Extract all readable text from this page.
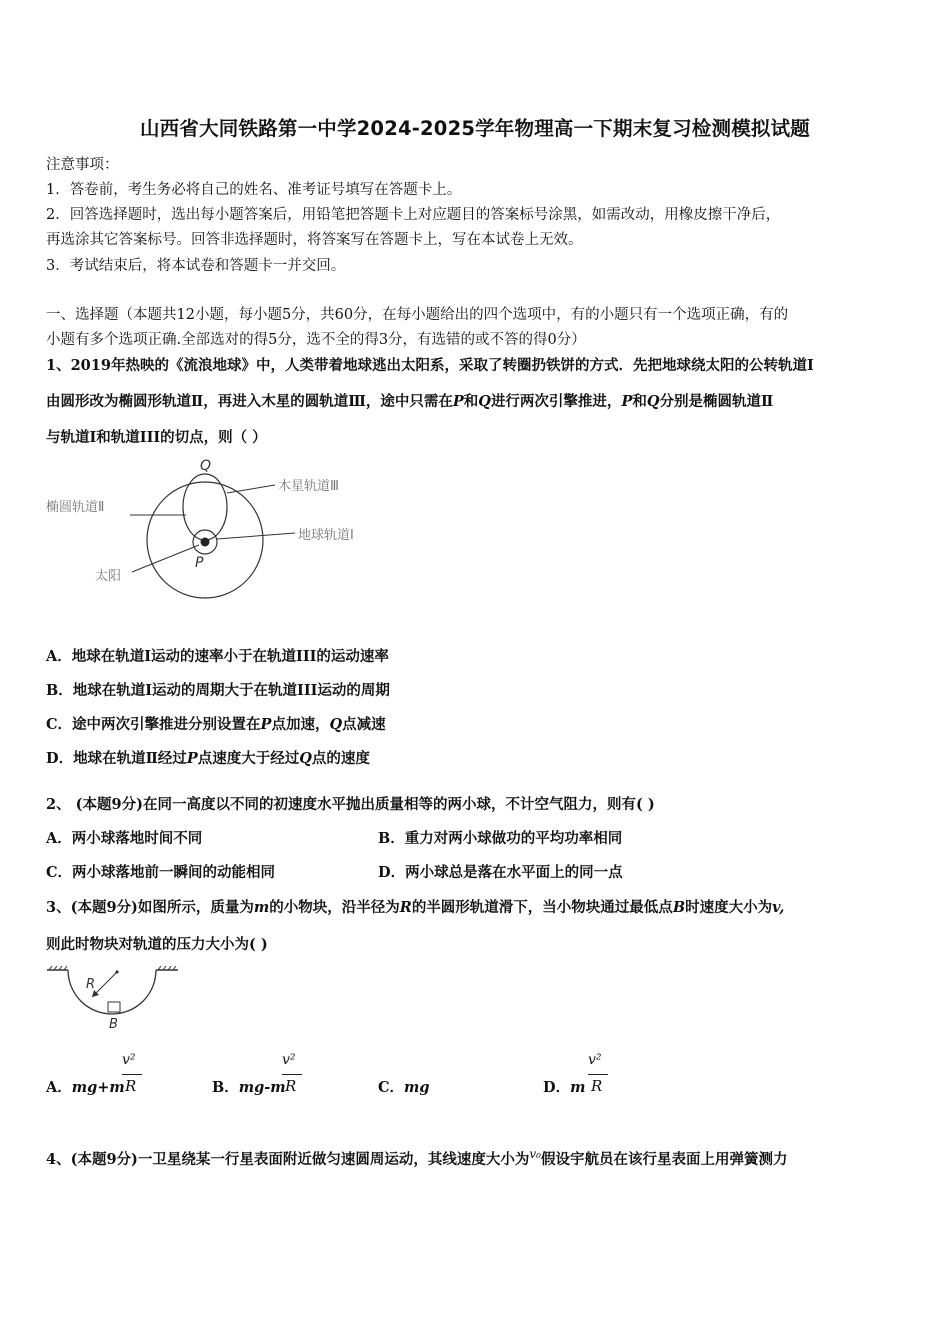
山西省大同铁路第一中学2024-2025学年物理高一下期末复习检测模拟试题
注意事项：
1．答卷前，考生务必将自己的姓名、准考证号填写在答题卡上。
2．回答选择题时，选出每小题答案后，用铅笔把答题卡上对应题目的答案标号涂黑，如需改动，用橡皮擦干净后，
再选涂其它答案标号。回答非选择题时，将答案写在答题卡上，写在本试卷上无效。
3．考试结束后，将本试卷和答题卡一并交回。
一、选择题（本题共12小题，每小题5分，共60分，在每小题给出的四个选项中，有的小题只有一个选项正确，有的
小题有多个选项正确.全部选对的得5分，选不全的得3分，有选错的或不答的得0分）
1、2019年热映的《流浪地球》中，人类带着地球逃出太阳系，采取了转圈扔铁饼的方式．先把地球绕太阳的公转轨道I
由圆形改为椭圆形轨道Ⅱ，再进入木星的圆轨道Ⅲ，途中只需在P和Q进行两次引擎推进，P和Q分别是椭圆轨道Ⅱ
与轨道I和轨道III的切点，则（ ）
Q
P
椭圆轨道Ⅱ
木星轨道Ⅲ
地球轨道Ⅰ
太阳
A．地球在轨道I运动的速率小于在轨道III的运动速率
B．地球在轨道I运动的周期大于在轨道III运动的周期
C．途中两次引擎推进分别设置在P点加速，Q点减速
D．地球在轨道Ⅱ经过P点速度大于经过Q点的速度
2、 (本题9分)在同一高度以不同的初速度水平抛出质量相等的两小球，不计空气阻力，则有( )
A．两小球落地时间不同	B．重力对两小球做功的平均功率相同
C．两小球落地前一瞬间的动能相同	D．两小球总是落在水平面上的同一点
3、(本题9分)如图所示，质量为m的小物块，沿半径为R的半圆形轨道滑下，当小物块通过最低点B时速度大小为v,
则此时物块对轨道的压力大小为( )
R
B
A．mg+m
v²
R	B．mg-m
v²
R	C．mg	D．m
v²
R
4、(本题9分)一卫星绕某一行星表面附近做匀速圆周运动，其线速度大小为$^{v_0}$假设宇航员在该行星表面上用弹簧测力
